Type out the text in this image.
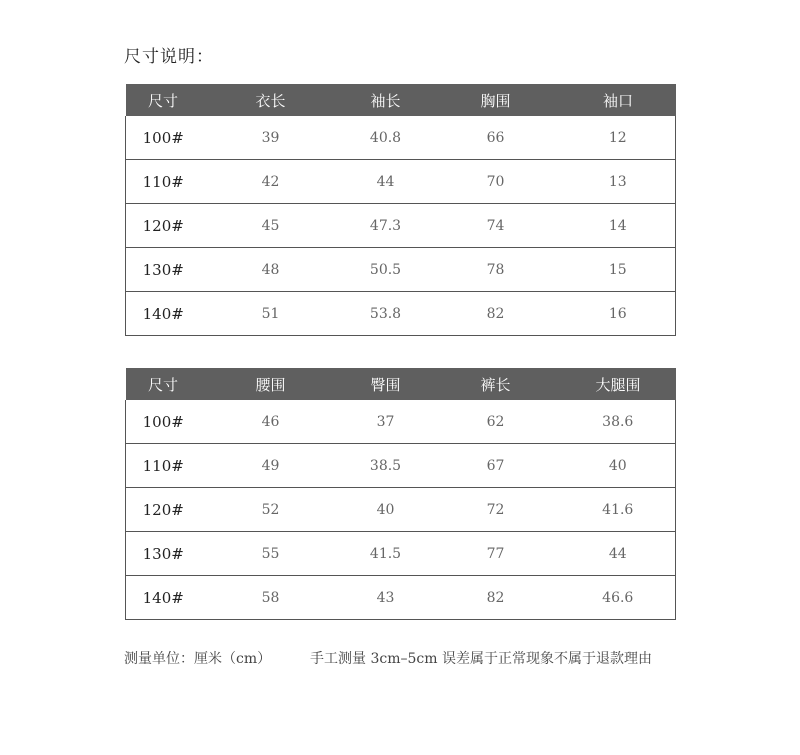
尺寸说明：
尺寸	衣长	袖长	胸围	袖口
100#	39	40.8	66	12
110#	42	44	70	13
120#	45	47.3	74	14
130#	48	50.5	78	15
140#	51	53.8	82	16
尺寸	腰围	臀围	裤长	大腿围
100#	46	37	62	38.6
110#	49	38.5	67	40
120#	52	40	72	41.6
130#	55	41.5	77	44
140#	58	43	82	46.6
测量单位：厘米（cm）	手工测量 3cm–5cm 误差属于正常现象不属于退款理由
